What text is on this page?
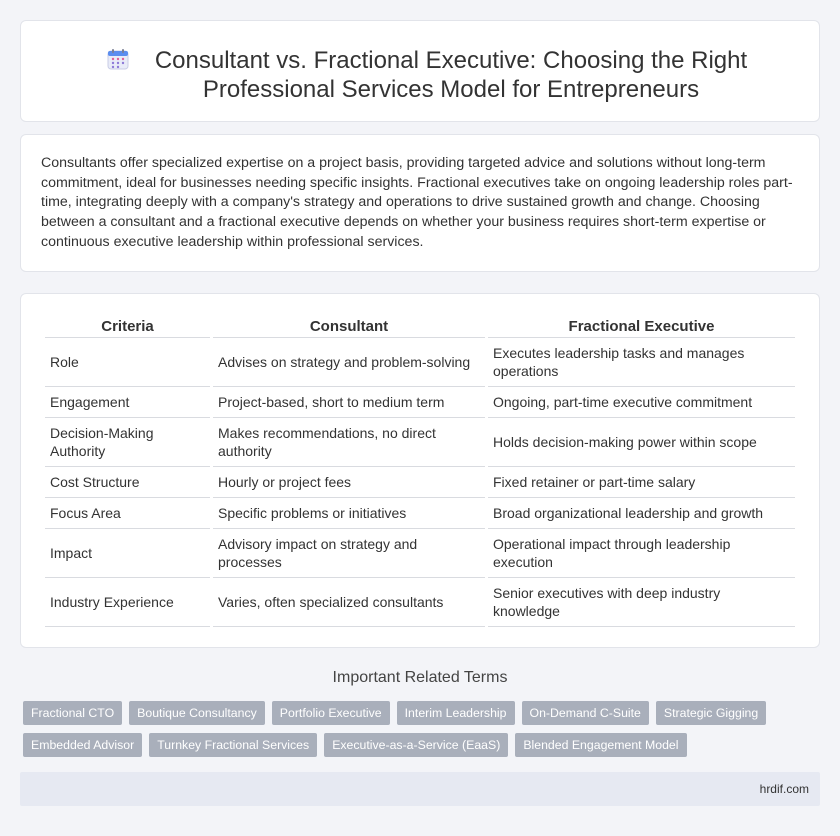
Consultant vs. Fractional Executive: Choosing the Right Professional Services Model for Entrepreneurs

Consultants offer specialized expertise on a project basis, providing targeted advice and solutions without long-term commitment, ideal for businesses needing specific insights. Fractional executives take on ongoing leadership roles part-time, integrating deeply with a company's strategy and operations to drive sustained growth and change. Choosing between a consultant and a fractional executive depends on whether your business requires short-term expertise or continuous executive leadership within professional services.

Criteria	Consultant	Fractional Executive
Role	Advises on strategy and problem-solving	Executes leadership tasks and manages operations
Engagement	Project-based, short to medium term	Ongoing, part-time executive commitment
Decision-Making Authority	Makes recommendations, no direct authority	Holds decision-making power within scope
Cost Structure	Hourly or project fees	Fixed retainer or part-time salary
Focus Area	Specific problems or initiatives	Broad organizational leadership and growth
Impact	Advisory impact on strategy and processes	Operational impact through leadership execution
Industry Experience	Varies, often specialized consultants	Senior executives with deep industry knowledge
Important Related Terms
Fractional CTO	Boutique Consultancy	Portfolio Executive	Interim Leadership	On-Demand C-Suite	Strategic Gigging
Embedded Advisor	Turnkey Fractional Services	Executive-as-a-Service (EaaS)	Blended Engagement Model
hrdif.com
